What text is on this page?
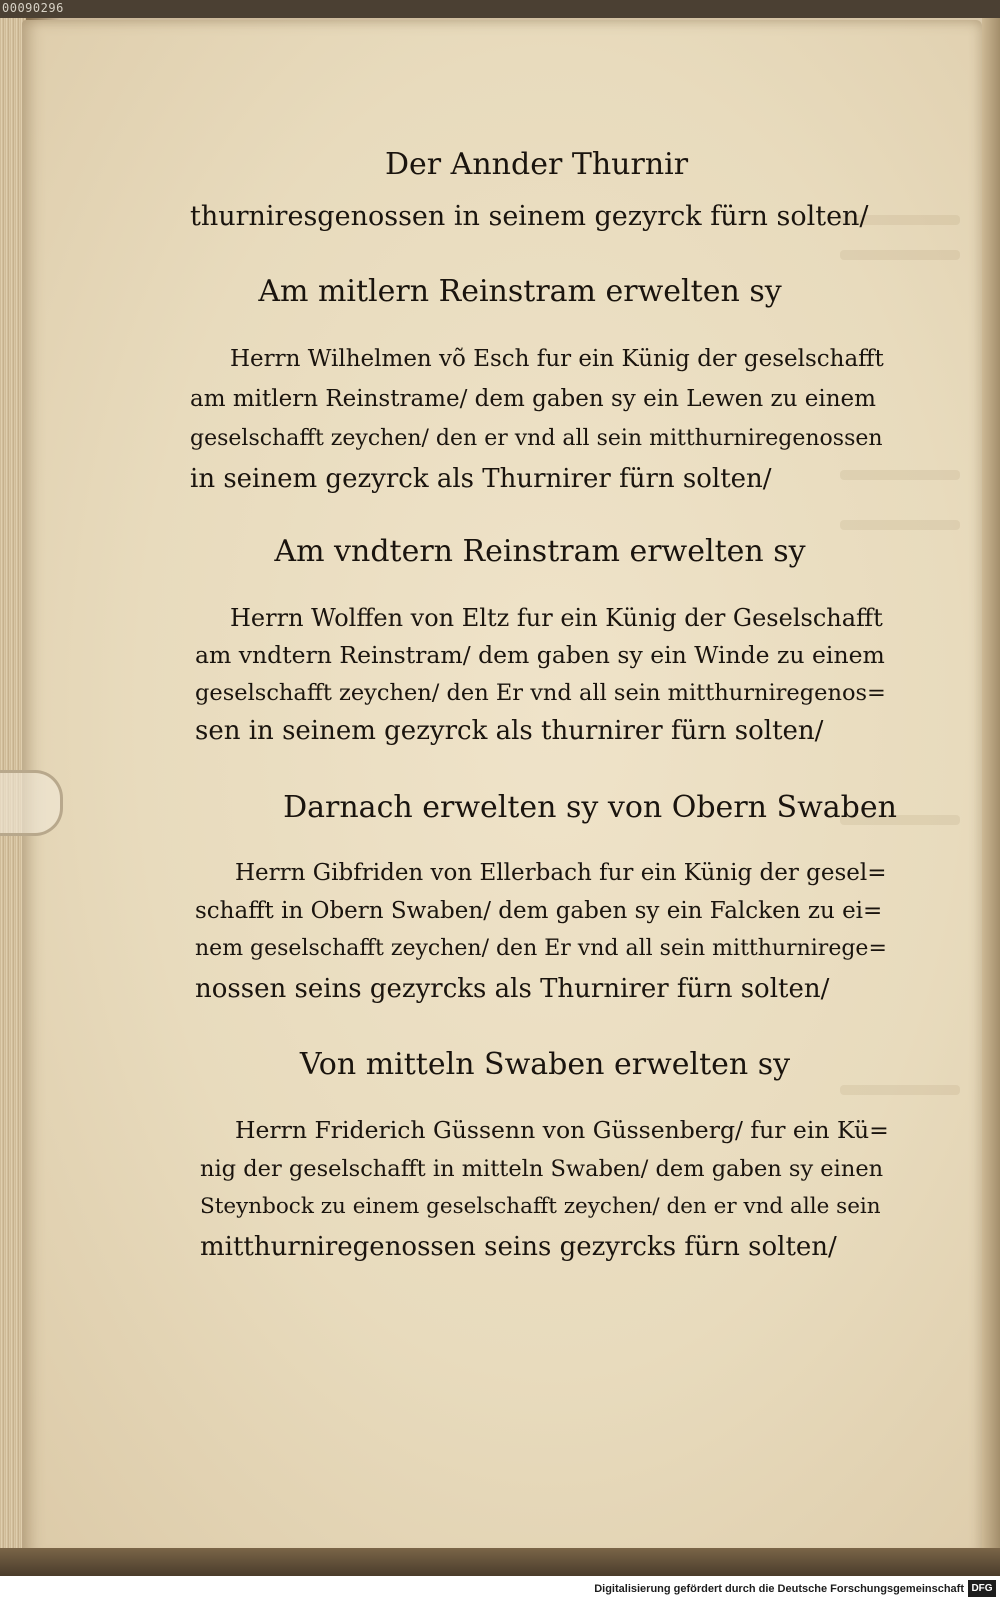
00090296
Der Annder Thurnir
thurniresgenossen in seinem gezyrck fürn solten/
Am mitlern Reinstram erwelten sy
Herrn Wilhelmen võ Esch fur ein Künig der geselschafft
am mitlern Reinstrame/ dem gaben sy ein Lewen zu einem
geselschafft zeychen/ den er vnd all sein mitthurniregenossen
in seinem gezyrck als Thurnirer fürn solten/
Am vndtern Reinstram erwelten sy
Herrn Wolffen von Eltz fur ein Künig der Geselschafft
am vndtern Reinstram/ dem gaben sy ein Winde zu einem
geselschafft zeychen/ den Er vnd all sein mitthurniregenos=
sen in seinem gezyrck als thurnirer fürn solten/
Darnach erwelten sy von Obern Swaben
Herrn Gibfriden von Ellerbach fur ein Künig der gesel=
schafft in Obern Swaben/ dem gaben sy ein Falcken zu ei=
nem geselschafft zeychen/ den Er vnd all sein mitthurniregе=
nossen seins gezyrcks als Thurnirer fürn solten/
Von mitteln Swaben erwelten sy
Herrn Friderich Güssenn von Güssenberg/ fur ein Kü=
nig der geselschafft in mitteln Swaben/ dem gaben sy einen
Steynbock zu einem geselschafft zeychen/ den er vnd alle sein
mitthurniregenossen seins gezyrcks fürn solten/
Digitalisierung gefördert durch die Deutsche Forschungsgemeinschaft DFG
